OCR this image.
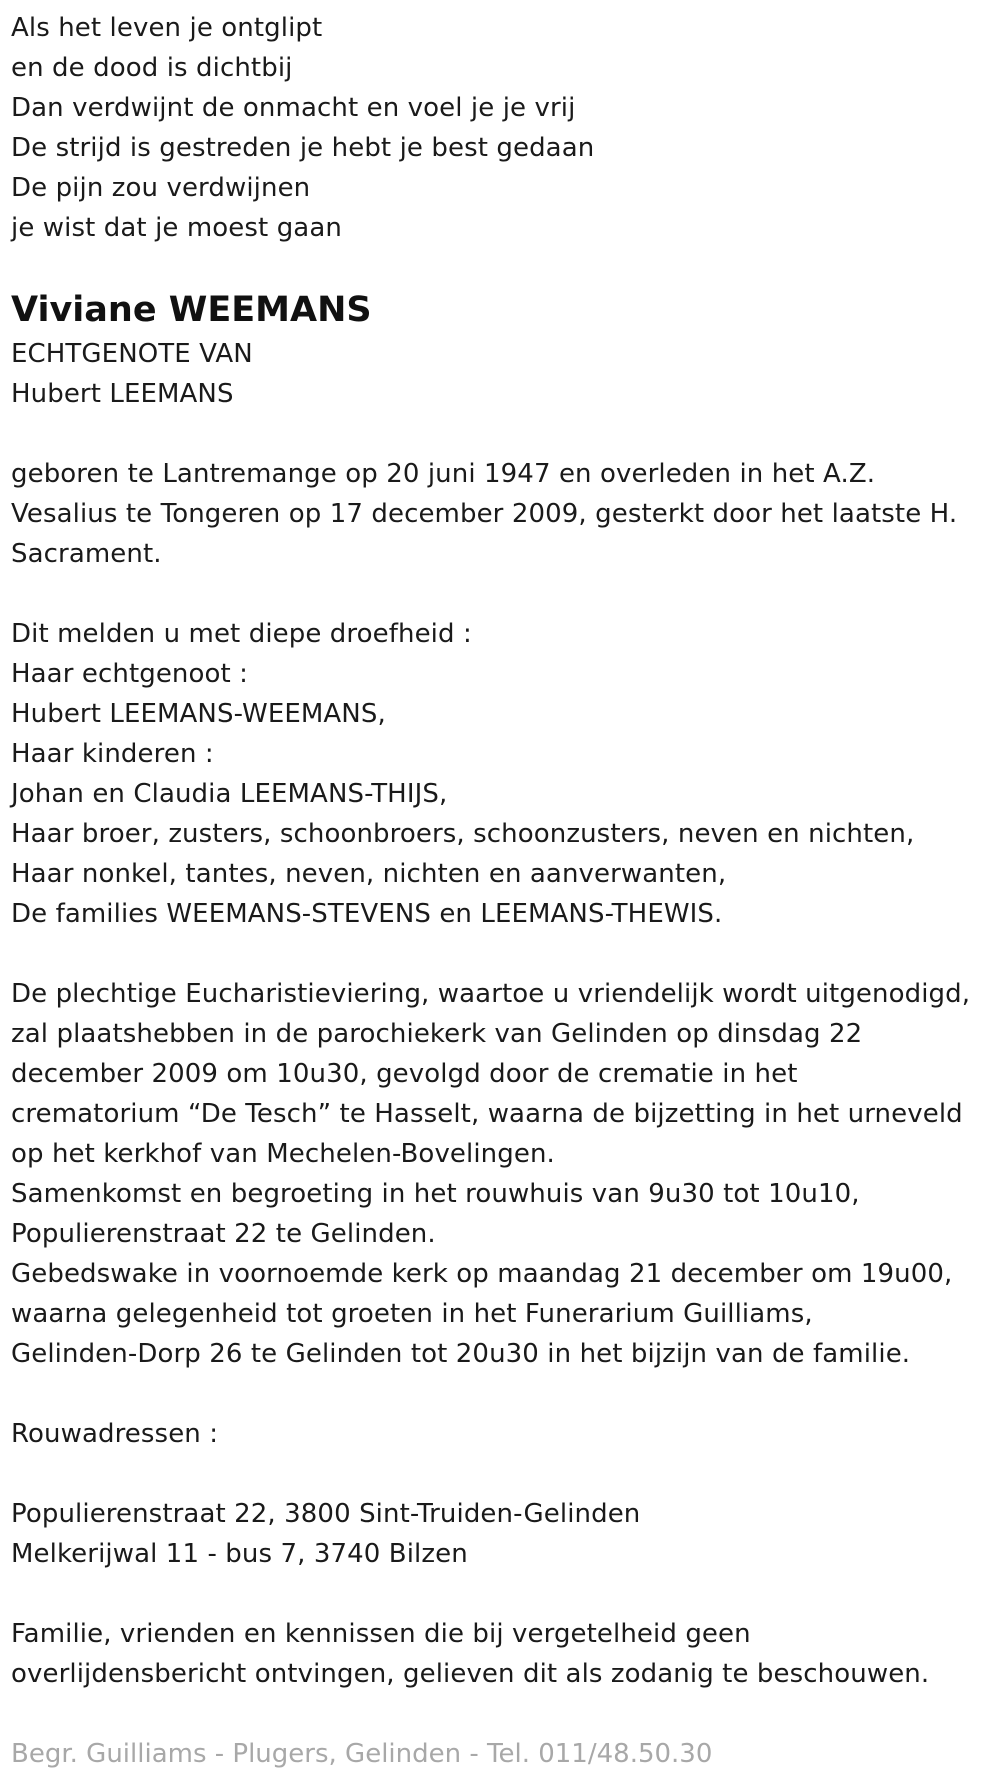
Als het leven je ontglipt
en de dood is dichtbij
Dan verdwijnt de onmacht en voel je je vrij
De strijd is gestreden je hebt je best gedaan
De pijn zou verdwijnen
je wist dat je moest gaan
Viviane WEEMANS
ECHTGENOTE VAN
Hubert LEEMANS
geboren te Lantremange op 20 juni 1947 en overleden in het A.Z.
Vesalius te Tongeren op 17 december 2009, gesterkt door het laatste H.
Sacrament.
Dit melden u met diepe droefheid :
Haar echtgenoot :
Hubert LEEMANS-WEEMANS,
Haar kinderen :
Johan en Claudia LEEMANS-THIJS,
Haar broer, zusters, schoonbroers, schoonzusters, neven en nichten,
Haar nonkel, tantes, neven, nichten en aanverwanten,
De families WEEMANS-STEVENS en LEEMANS-THEWIS.
De plechtige Eucharistieviering, waartoe u vriendelijk wordt uitgenodigd,
zal plaatshebben in de parochiekerk van Gelinden op dinsdag 22
december 2009 om 10u30, gevolgd door de crematie in het
crematorium “De Tesch” te Hasselt, waarna de bijzetting in het urneveld
op het kerkhof van Mechelen-Bovelingen.
Samenkomst en begroeting in het rouwhuis van 9u30 tot 10u10,
Populierenstraat 22 te Gelinden.
Gebedswake in voornoemde kerk op maandag 21 december om 19u00,
waarna gelegenheid tot groeten in het Funerarium Guilliams,
Gelinden-Dorp 26 te Gelinden tot 20u30 in het bijzijn van de familie.
Rouwadressen :
Populierenstraat 22, 3800 Sint-Truiden-Gelinden
Melkerijwal 11 - bus 7, 3740 Bilzen
Familie, vrienden en kennissen die bij vergetelheid geen
overlijdensbericht ontvingen, gelieven dit als zodanig te beschouwen.
Begr. Guilliams - Plugers, Gelinden - Tel. 011/48.50.30
